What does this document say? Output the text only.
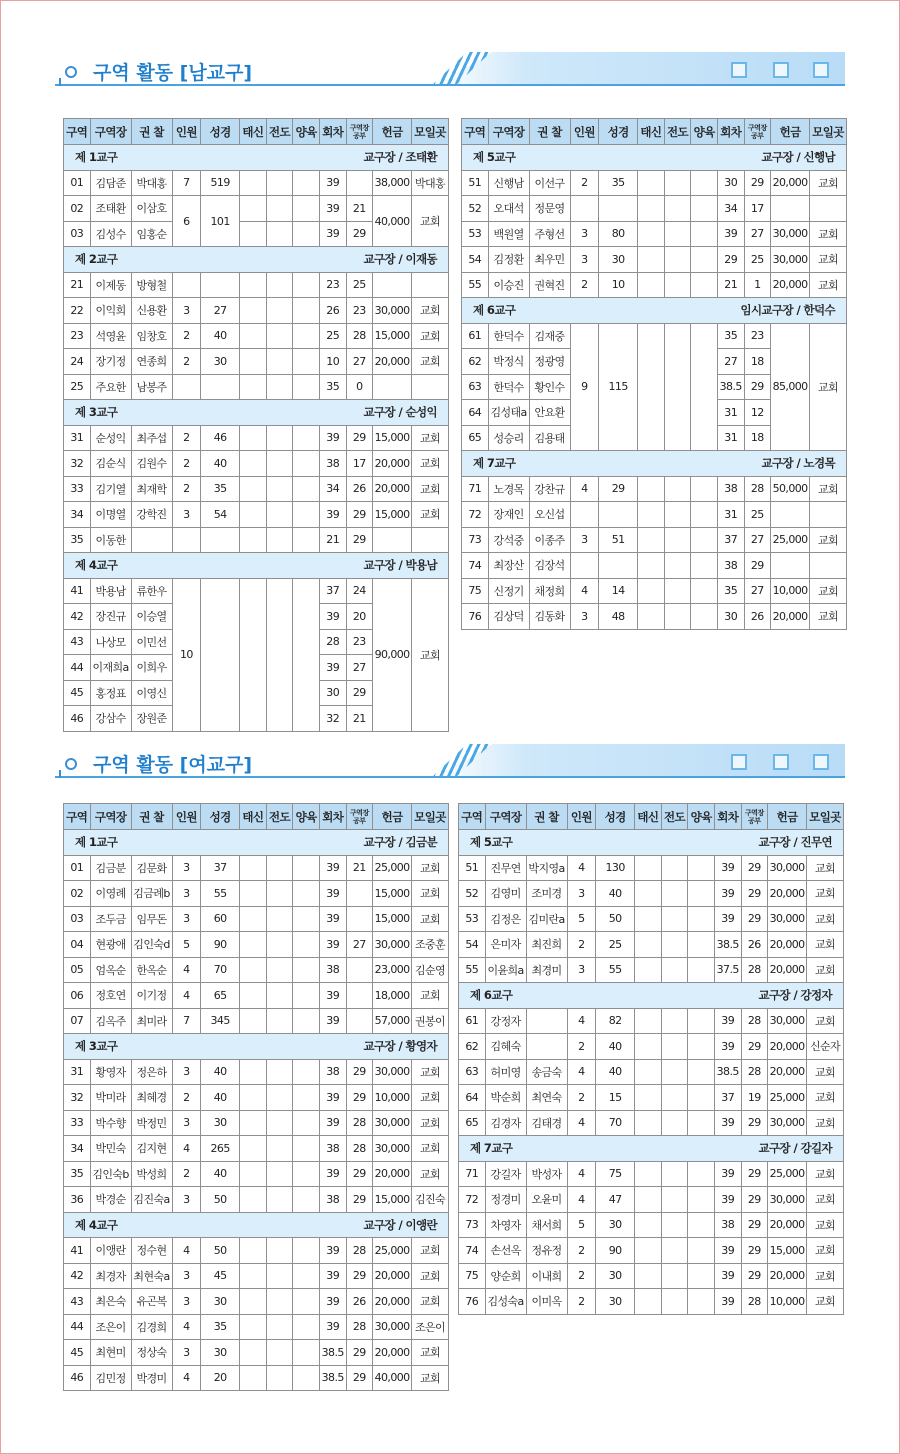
구역 활동 [남교구]
구역 활동 [여교구]
구역	구역장	권 찰	인원	성경	태신	전도	양육	회차	구역장
공부	헌금	모일곳

제 1교구 교구장 / 조태환											

01	김담준	박대홍	7	519				39		38,000	박대홍
02	조태환	이삼호	6	101				39	21	40,000	교회
03	김성수	임홍순						39	29		

제 2교구 교구장 / 이재동											

21	이제동	방형철						23	25		
22	이익희	신용환	3	27				26	23	30,000	교회
23	석영윤	임창호	2	40				25	28	15,000	교회
24	장기정	연종희	2	30				10	27	20,000	교회
25	주요한	남봉주						35	0		

제 3교구 교구장 / 순성익											

31	순성익	최주섭	2	46				39	29	15,000	교회
32	김순식	김원수	2	40				38	17	20,000	교회
33	김기열	최재학	2	35				34	26	20,000	교회
34	이명열	강학진	3	54				39	29	15,000	교회
35	이동한							21	29		

제 4교구 교구장 / 박용남											

41	박용남	류한우	10					37	24	90,000	교회
42	장진규	이승열						39	20		
43	나상모	이민선						28	23		
44	이재희a	이희우						39	27		
45	홍정표	이영신						30	29		
46	강삼수	장원준						32	21		
구역	구역장	권 찰	인원	성경	태신	전도	양육	회차	구역장
공부	헌금	모일곳

제 5교구 교구장 / 신행남											

51	신행남	이선구	2	35				30	29	20,000	교회
52	오대석	정문영						34	17		
53	백원열	주형선	3	80				39	27	30,000	교회
54	김정환	최우민	3	30				29	25	30,000	교회
55	이승진	권혁진	2	10				21	1	20,000	교회

제 6교구 임시교구장 / 한덕수											

61	한덕수	김재중	9	115				35	23	85,000	교회
62	박정식	정광영						27	18		
63	한덕수	황인수						38.5	29		
64	김성태a	안요환						31	12		
65	성승리	김용태						31	18		

제 7교구 교구장 / 노경목											

71	노경목	강찬규	4	29				38	28	50,000	교회
72	장재인	오신섭						31	25		
73	강석중	이종주	3	51				37	27	25,000	교회
74	최장산	김장석						38	29		
75	신정기	채정희	4	14				35	27	10,000	교회
76	김상덕	김동화	3	48				30	26	20,000	교회
구역	구역장	권 찰	인원	성경	태신	전도	양육	회차	구역장
공부	헌금	모일곳

제 1교구 교구장 / 김금분											

01	김금분	김문화	3	37				39	21	25,000	교회
02	이영례	김금례b	3	55				39		15,000	교회
03	조두금	임무돈	3	60				39		15,000	교회
04	현광애	김인숙d	5	90				39	27	30,000	조중훈
05	엄옥순	한옥순	4	70				38		23,000	김순영
06	정호연	이기정	4	65				39		18,000	교회
07	김옥주	최미라	7	345				39		57,000	권봉이

제 3교구 교구장 / 황영자											

31	황영자	정은하	3	40				38	29	30,000	교회
32	박미라	최혜경	2	40				39	29	10,000	교회
33	박수향	박정민	3	30				39	28	30,000	교회
34	박민숙	김지현	4	265				38	28	30,000	교회
35	김인숙b	박성희	2	40				39	29	20,000	교회
36	박경순	김진숙a	3	50				38	29	15,000	김진숙

제 4교구 교구장 / 이앵란											

41	이앵란	정수현	4	50				39	28	25,000	교회
42	최경자	최현숙a	3	45				39	29	20,000	교회
43	최은숙	유곤복	3	30				39	26	20,000	교회
44	조은이	김경희	4	35				39	28	30,000	조은이
45	최현미	정상숙	3	30				38.5	29	20,000	교회
46	김민정	박경미	4	20				38.5	29	40,000	교회
구역	구역장	권 찰	인원	성경	태신	전도	양육	회차	구역장
공부	헌금	모일곳

제 5교구 교구장 / 진무연											

51	진무연	박지영a	4	130				39	29	30,000	교회
52	김영미	조미경	3	40				39	29	20,000	교회
53	김정은	김미란a	5	50				39	29	30,000	교회
54	은미자	최진희	2	25				38.5	26	20,000	교회
55	이윤희a	최경미	3	55				37.5	28	20,000	교회

제 6교구 교구장 / 강정자											

61	강정자		4	82				39	28	30,000	교회
62	김혜숙		2	40				39	29	20,000	신순자
63	허미영	송금숙	4	40				38.5	28	20,000	교회
64	박순희	최연숙	2	15				37	19	25,000	교회
65	김경자	김태경	4	70				39	29	30,000	교회

제 7교구 교구장 / 강길자											

71	강길자	박성자	4	75				39	29	25,000	교회
72	정경미	오윤미	4	47				39	29	30,000	교회
73	차영자	채서희	5	30				38	29	20,000	교회
74	손선옥	정유정	2	90				39	29	15,000	교회
75	양순희	이내희	2	30				39	29	20,000	교회
76	김성숙a	이미옥	2	30				39	28	10,000	교회
